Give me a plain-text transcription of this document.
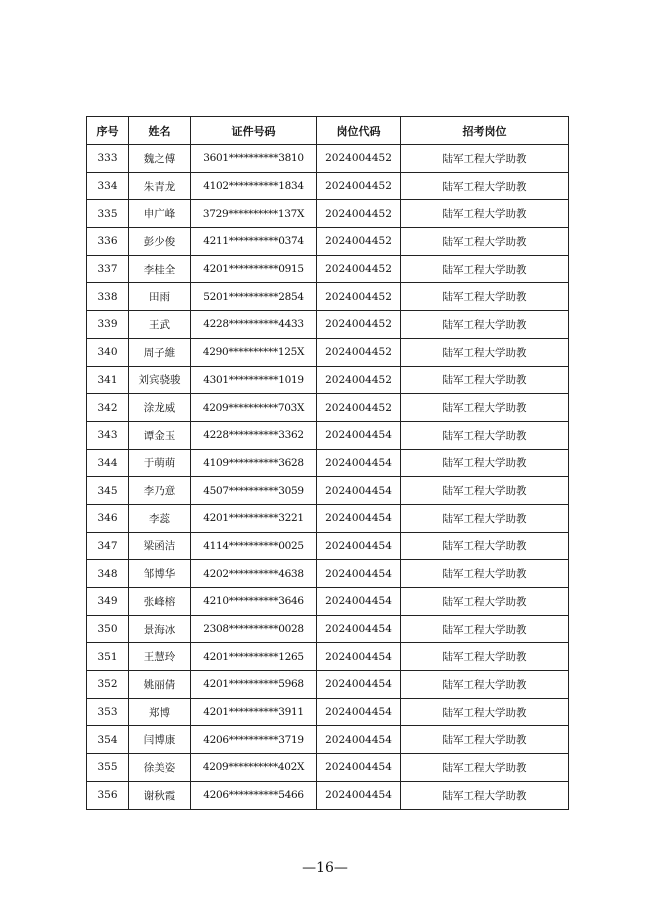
序号	姓名	证件号码	岗位代码	招考岗位
333	魏之傅	3601**********3810	2024004452	陆军工程大学助教
334	朱青龙	4102**********1834	2024004452	陆军工程大学助教
335	申广峰	3729**********137X	2024004452	陆军工程大学助教
336	彭少俊	4211**********0374	2024004452	陆军工程大学助教
337	李桂全	4201**********0915	2024004452	陆军工程大学助教
338	田雨	5201**********2854	2024004452	陆军工程大学助教
339	王武	4228**********4433	2024004452	陆军工程大学助教
340	周子維	4290**********125X	2024004452	陆军工程大学助教
341	刘宾骁骏	4301**********1019	2024004452	陆军工程大学助教
342	涂龙威	4209**********703X	2024004452	陆军工程大学助教
343	谭金玉	4228**********3362	2024004454	陆军工程大学助教
344	于萌萌	4109**********3628	2024004454	陆军工程大学助教
345	李乃意	4507**********3059	2024004454	陆军工程大学助教
346	李蕊	4201**********3221	2024004454	陆军工程大学助教
347	梁函洁	4114**********0025	2024004454	陆军工程大学助教
348	邹博华	4202**********4638	2024004454	陆军工程大学助教
349	张峰榕	4210**********3646	2024004454	陆军工程大学助教
350	景海冰	2308**********0028	2024004454	陆军工程大学助教
351	王慧玲	4201**********1265	2024004454	陆军工程大学助教
352	姚丽倩	4201**********5968	2024004454	陆军工程大学助教
353	郑博	4201**********3911	2024004454	陆军工程大学助教
354	闫博康	4206**********3719	2024004454	陆军工程大学助教
355	徐美姿	4209**********402X	2024004454	陆军工程大学助教
356	谢秋霞	4206**********5466	2024004454	陆军工程大学助教
—16—
